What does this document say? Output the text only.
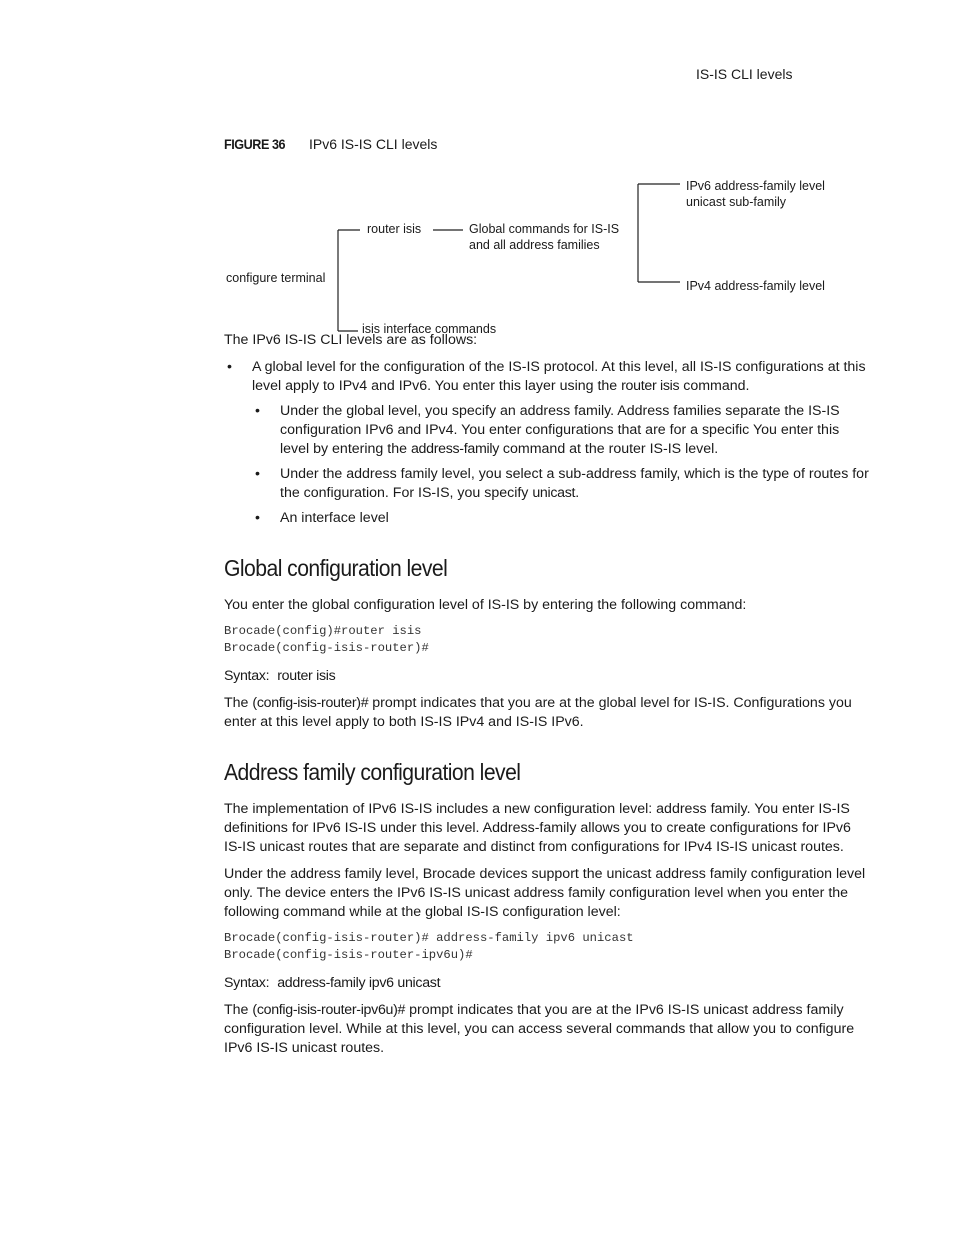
IS-IS CLI levels
FIGURE 36 IPv6 IS-IS CLI levels
configure terminal
router isis	Global commands for IS-IS
and all address families
IPv6 address-family level
unicast sub-family
IPv4 address-family level
isis interface commands

The IPv6 IS-IS CLI levels are as follows:

• A global level for the configuration of the IS-IS protocol. At this level, all IS-IS configurations at this level apply to IPv4 and IPv6. You enter this layer using the router isis command.
• Under the global level, you specify an address family. Address families separate the IS-IS configuration IPv6 and IPv4. You enter configurations that are for a specific You enter this level by entering the address-family command at the router IS-IS level.
• Under the address family level, you select a sub-address family, which is the type of routes for the configuration. For IS-IS, you specify unicast.
• An interface level
Global configuration level

You enter the global configuration level of IS-IS by entering the following command:

Brocade(config)#router isis
Brocade(config-isis-router)#

Syntax: router isis

The (config-isis-router)# prompt indicates that you are at the global level for IS-IS. Configurations you enter at this level apply to both IS-IS IPv4 and IS-IS IPv6.

Address family configuration level

The implementation of IPv6 IS-IS includes a new configuration level: address family. You enter IS-IS definitions for IPv6 IS-IS under this level. Address-family allows you to create configurations for IPv6 IS-IS unicast routes that are separate and distinct from configurations for IPv4 IS-IS unicast routes.

Under the address family level, Brocade devices support the unicast address family configuration level only. The device enters the IPv6 IS-IS unicast address family configuration level when you enter the following command while at the global IS-IS configuration level:

Brocade(config-isis-router)# address-family ipv6 unicast
Brocade(config-isis-router-ipv6u)#

Syntax: address-family ipv6 unicast

The (config-isis-router-ipv6u)# prompt indicates that you are at the IPv6 IS-IS unicast address family configuration level. While at this level, you can access several commands that allow you to configure IPv6 IS-IS unicast routes.
